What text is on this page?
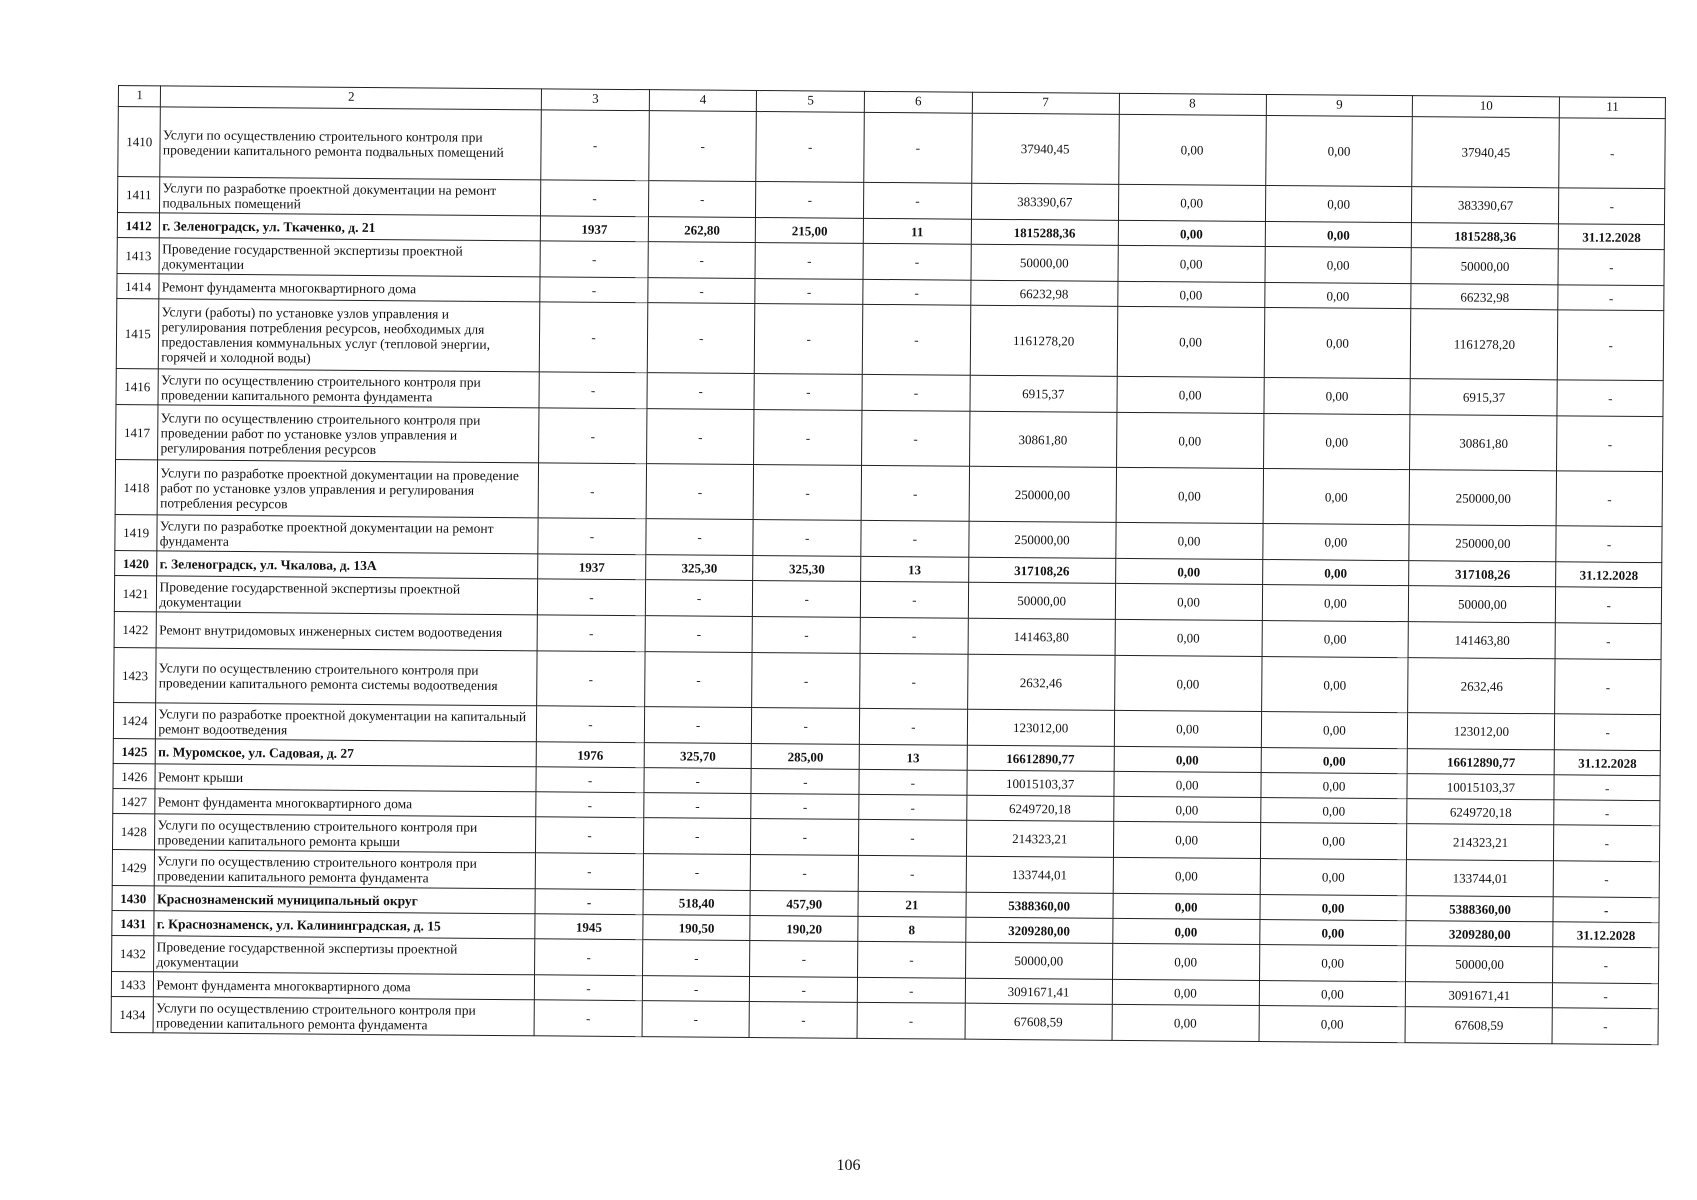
1	2	3	4	5	6	7	8	9	10	11
1410	Услуги по осуществлению строительного контроля при проведении капитального ремонта подвальных помещений	-	-	-	-	37940,45	0,00	0,00	37940,45	-
1411	Услуги по разработке проектной документации на ремонт подвальных помещений	-	-	-	-	383390,67	0,00	0,00	383390,67	-
1412	г. Зеленоградск, ул. Ткаченко, д. 21	1937	262,80	215,00	11	1815288,36	0,00	0,00	1815288,36	31.12.2028
1413	Проведение государственной экспертизы проектной документации	-	-	-	-	50000,00	0,00	0,00	50000,00	-
1414	Ремонт фундамента многоквартирного дома	-	-	-	-	66232,98	0,00	0,00	66232,98	-
1415	Услуги (работы) по установке узлов управления и регулирования потребления ресурсов, необходимых для предоставления коммунальных услуг (тепловой энергии, горячей и холодной воды)	-	-	-	-	1161278,20	0,00	0,00	1161278,20	-
1416	Услуги по осуществлению строительного контроля при проведении капитального ремонта фундамента	-	-	-	-	6915,37	0,00	0,00	6915,37	-
1417	Услуги по осуществлению строительного контроля при проведении работ по установке узлов управления и регулирования потребления ресурсов	-	-	-	-	30861,80	0,00	0,00	30861,80	-
1418	Услуги по разработке проектной документации на проведение работ по установке узлов управления и регулирования потребления ресурсов	-	-	-	-	250000,00	0,00	0,00	250000,00	-
1419	Услуги по разработке проектной документации на ремонт фундамента	-	-	-	-	250000,00	0,00	0,00	250000,00	-
1420	г. Зеленоградск, ул. Чкалова, д. 13А	1937	325,30	325,30	13	317108,26	0,00	0,00	317108,26	31.12.2028
1421	Проведение государственной экспертизы проектной документации	-	-	-	-	50000,00	0,00	0,00	50000,00	-
1422	Ремонт внутридомовых инженерных систем водоотведения	-	-	-	-	141463,80	0,00	0,00	141463,80	-
1423	Услуги по осуществлению строительного контроля при проведении капитального ремонта системы водоотведения	-	-	-	-	2632,46	0,00	0,00	2632,46	-
1424	Услуги по разработке проектной документации на капитальный ремонт водоотведения	-	-	-	-	123012,00	0,00	0,00	123012,00	-
1425	п. Муромское, ул. Садовая, д. 27	1976	325,70	285,00	13	16612890,77	0,00	0,00	16612890,77	31.12.2028
1426	Ремонт крыши	-	-	-	-	10015103,37	0,00	0,00	10015103,37	-
1427	Ремонт фундамента многоквартирного дома	-	-	-	-	6249720,18	0,00	0,00	6249720,18	-
1428	Услуги по осуществлению строительного контроля при проведении капитального ремонта крыши	-	-	-	-	214323,21	0,00	0,00	214323,21	-
1429	Услуги по осуществлению строительного контроля при проведении капитального ремонта фундамента	-	-	-	-	133744,01	0,00	0,00	133744,01	-
1430	Краснознаменский муниципальный округ	-	518,40	457,90	21	5388360,00	0,00	0,00	5388360,00	-
1431	г. Краснознаменск, ул. Калининградская, д. 15	1945	190,50	190,20	8	3209280,00	0,00	0,00	3209280,00	31.12.2028
1432	Проведение государственной экспертизы проектной документации	-	-	-	-	50000,00	0,00	0,00	50000,00	-
1433	Ремонт фундамента многоквартирного дома	-	-	-	-	3091671,41	0,00	0,00	3091671,41	-
1434	Услуги по осуществлению строительного контроля при проведении капитального ремонта фундамента	-	-	-	-	67608,59	0,00	0,00	67608,59	-
106
